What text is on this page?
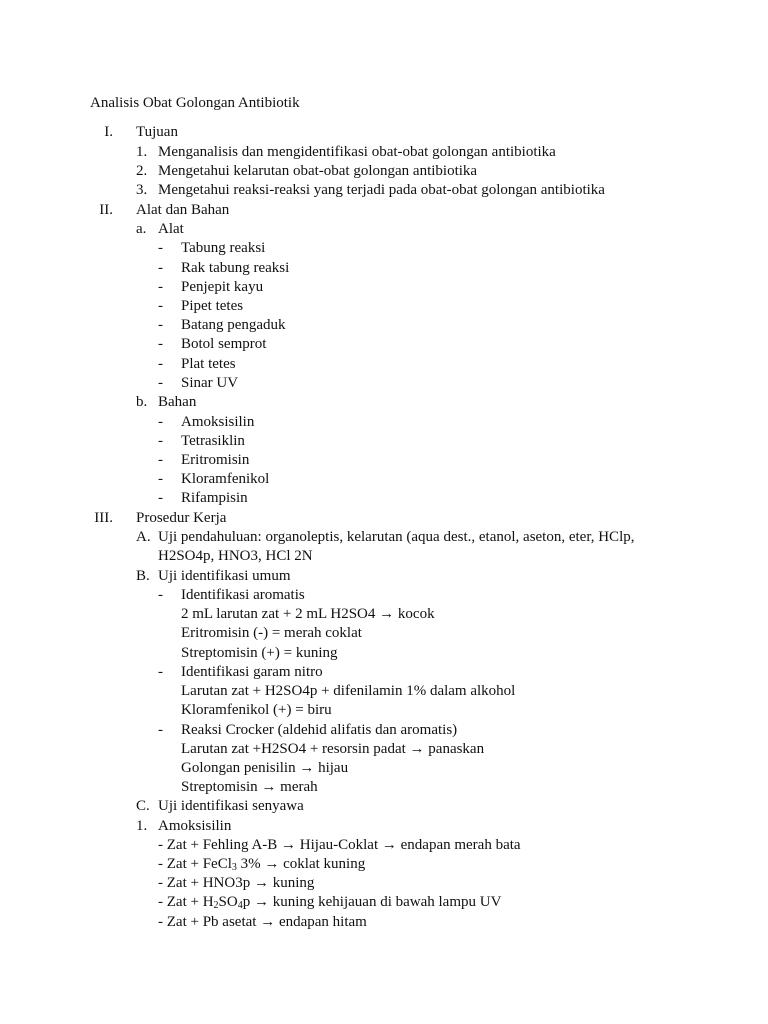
Analisis Obat Golongan Antibiotik
I. Tujuan
1. Menganalisis dan mengidentifikasi obat-obat golongan antibiotika
2. Mengetahui kelarutan obat-obat golongan antibiotika
3. Mengetahui reaksi-reaksi yang terjadi pada obat-obat golongan antibiotika
II. Alat dan Bahan
a. Alat
- Tabung reaksi
- Rak tabung reaksi
- Penjepit kayu
- Pipet tetes
- Batang pengaduk
- Botol semprot
- Plat tetes
- Sinar UV
b. Bahan
- Amoksisilin
- Tetrasiklin
- Eritromisin
- Kloramfenikol
- Rifampisin
III. Prosedur Kerja
A. Uji pendahuluan: organoleptis, kelarutan (aqua dest., etanol, aseton, eter, HClp,
H2SO4p, HNO3, HCl 2N
B. Uji identifikasi umum
- Identifikasi aromatis
2 mL larutan zat + 2 mL H2SO4 → kocok
Eritromisin (-) = merah coklat
Streptomisin (+) = kuning
- Identifikasi garam nitro
Larutan zat + H2SO4p + difenilamin 1% dalam alkohol
Kloramfenikol (+) = biru
- Reaksi Crocker (aldehid alifatis dan aromatis)
Larutan zat +H2SO4 + resorsin padat → panaskan
Golongan penisilin → hijau
Streptomisin → merah
C. Uji identifikasi senyawa
1. Amoksisilin
- Zat + Fehling A-B → Hijau-Coklat → endapan merah bata
- Zat + FeCl$_3$ 3% → coklat kuning
- Zat + HNO3p → kuning
- Zat + $H_2SO_4p$ → kuning kehijauan di bawah lampu UV
- Zat + Pb asetat → endapan hitam
